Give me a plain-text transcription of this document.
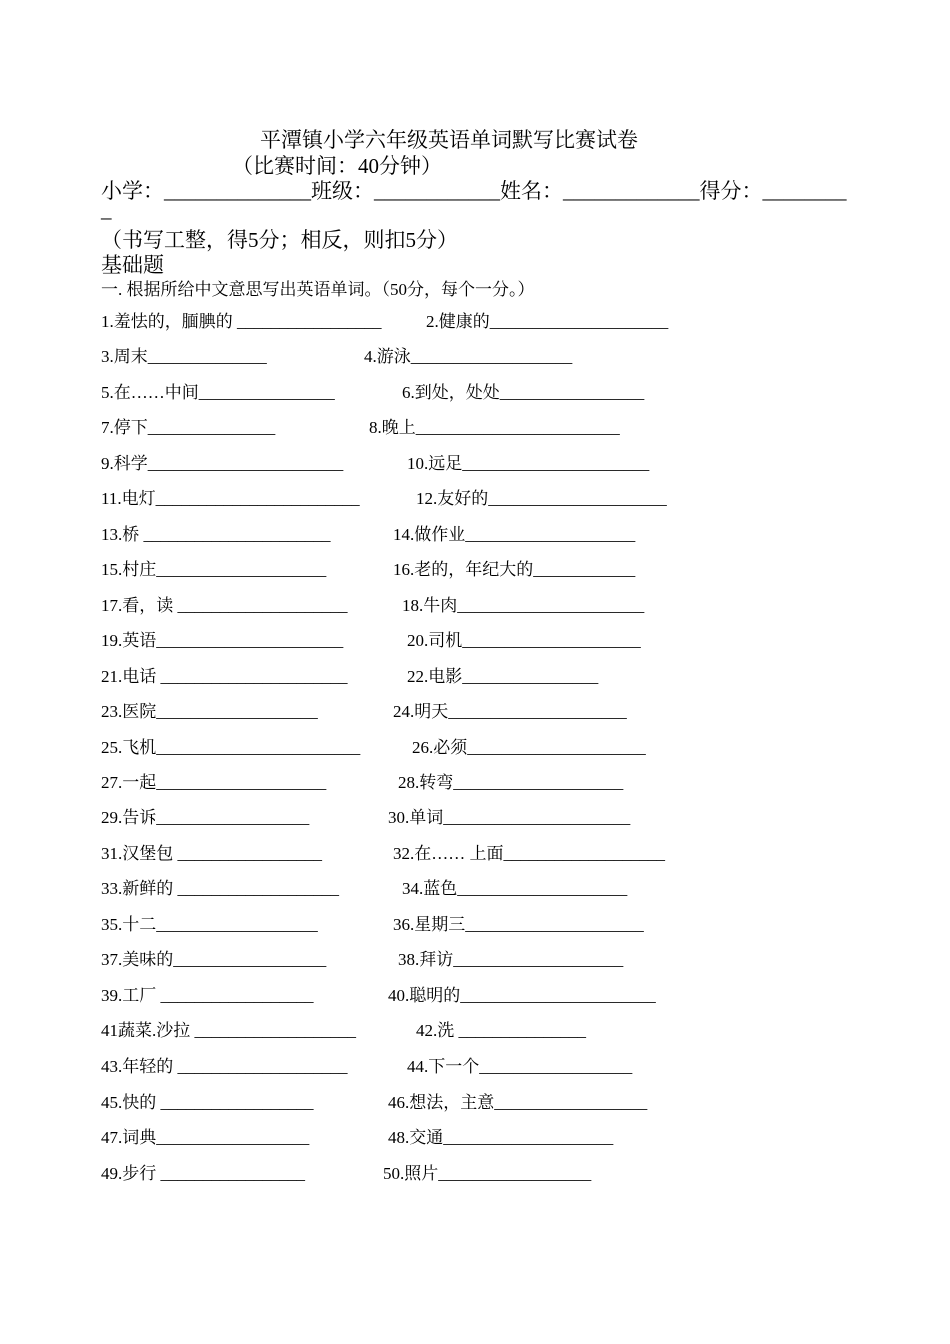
平潭镇小学六年级英语单词默写比赛试卷
（比赛时间：40分钟）
小学：______________班级：____________姓名：_____________得分：________
_
（书写工整，得5分；相反，则扣5分）
基础题
一. 根据所给中文意思写出英语单词。（50分，每个一分。）
1.羞怯的，腼腆的 _________________	2.健康的_____________________
3.周末______________	4.游泳___________________
5.在……中间________________	6.到处，处处_________________
7.停下_______________	8.晚上________________________
9.科学_______________________	10.远足______________________
11.电灯________________________	12.友好的_____________________
13.桥 ______________________	14.做作业____________________
15.村庄____________________	16.老的，年纪大的____________
17.看，读 ____________________	18.牛肉______________________
19.英语______________________	20.司机_____________________
21.电话 ______________________	22.电影________________
23.医院___________________	24.明天_____________________
25.飞机________________________	26.必须_____________________
27.一起____________________	28.转弯____________________
29.告诉__________________	30.单词______________________
31.汉堡包 _________________	32.在…… 上面___________________
33.新鲜的 ___________________	34.蓝色____________________
35.十二___________________	36.星期三_____________________
37.美味的__________________	38.拜访____________________
39.工厂 __________________	40.聪明的_______________________
41蔬菜.沙拉 ___________________	42.洗 _______________
43.年轻的 ____________________	44.下一个__________________
45.快的 __________________	46.想法，主意__________________
47.词典__________________	48.交通____________________
49.步行 _________________	50.照片__________________
